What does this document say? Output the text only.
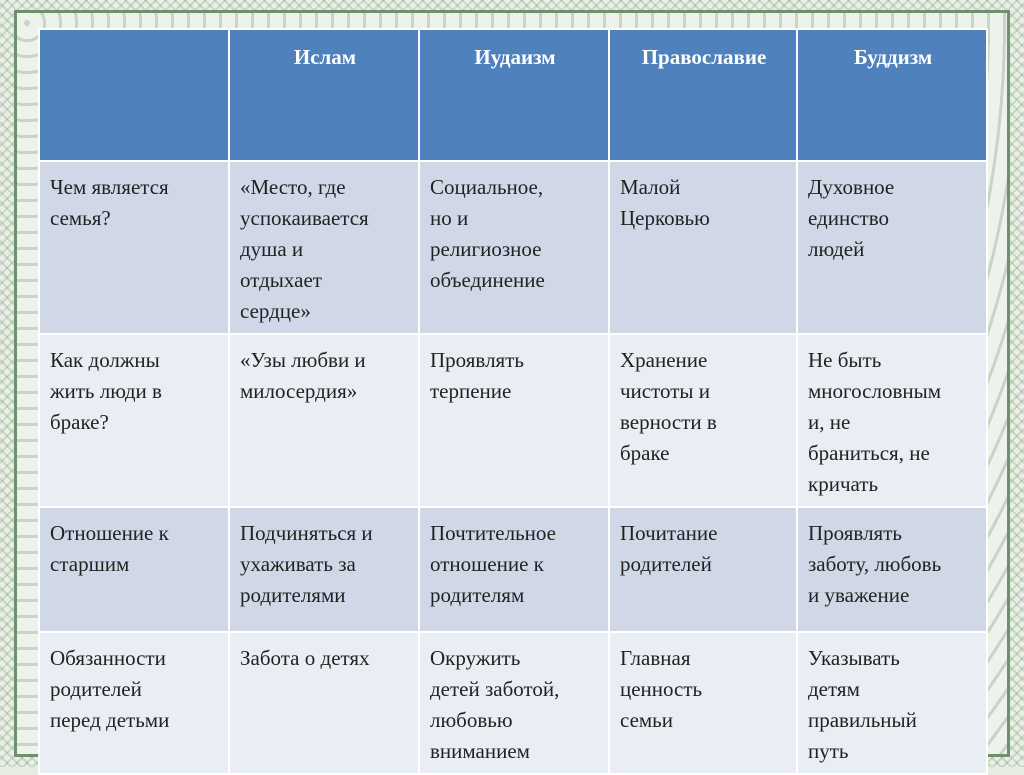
	Ислам	Иудаизм	Православие	Буддизм

Чем является
семья?	«Место, где
успокаивается
душа и
отдыхает
сердце»	Социальное,
но и
религиозное
объединение	Малой
Церковью	Духовное
единство
людей

Как должны
жить люди в
браке?	«Узы любви и
милосердия»	Проявлять
терпение	Хранение
чистоты и
верности в
браке	Не быть
многословным
и, не
браниться, не
кричать

Отношение к
старшим	Подчиняться и
ухаживать за
родителями	Почтительное
отношение к
родителям	Почитание
родителей	Проявлять
заботу, любовь
и уважение

Обязанности
родителей
перед детьми	Забота о детях	Окружить
детей заботой,
любовью
вниманием	Главная
ценность
семьи	Указывать
детям
правильный
путь
